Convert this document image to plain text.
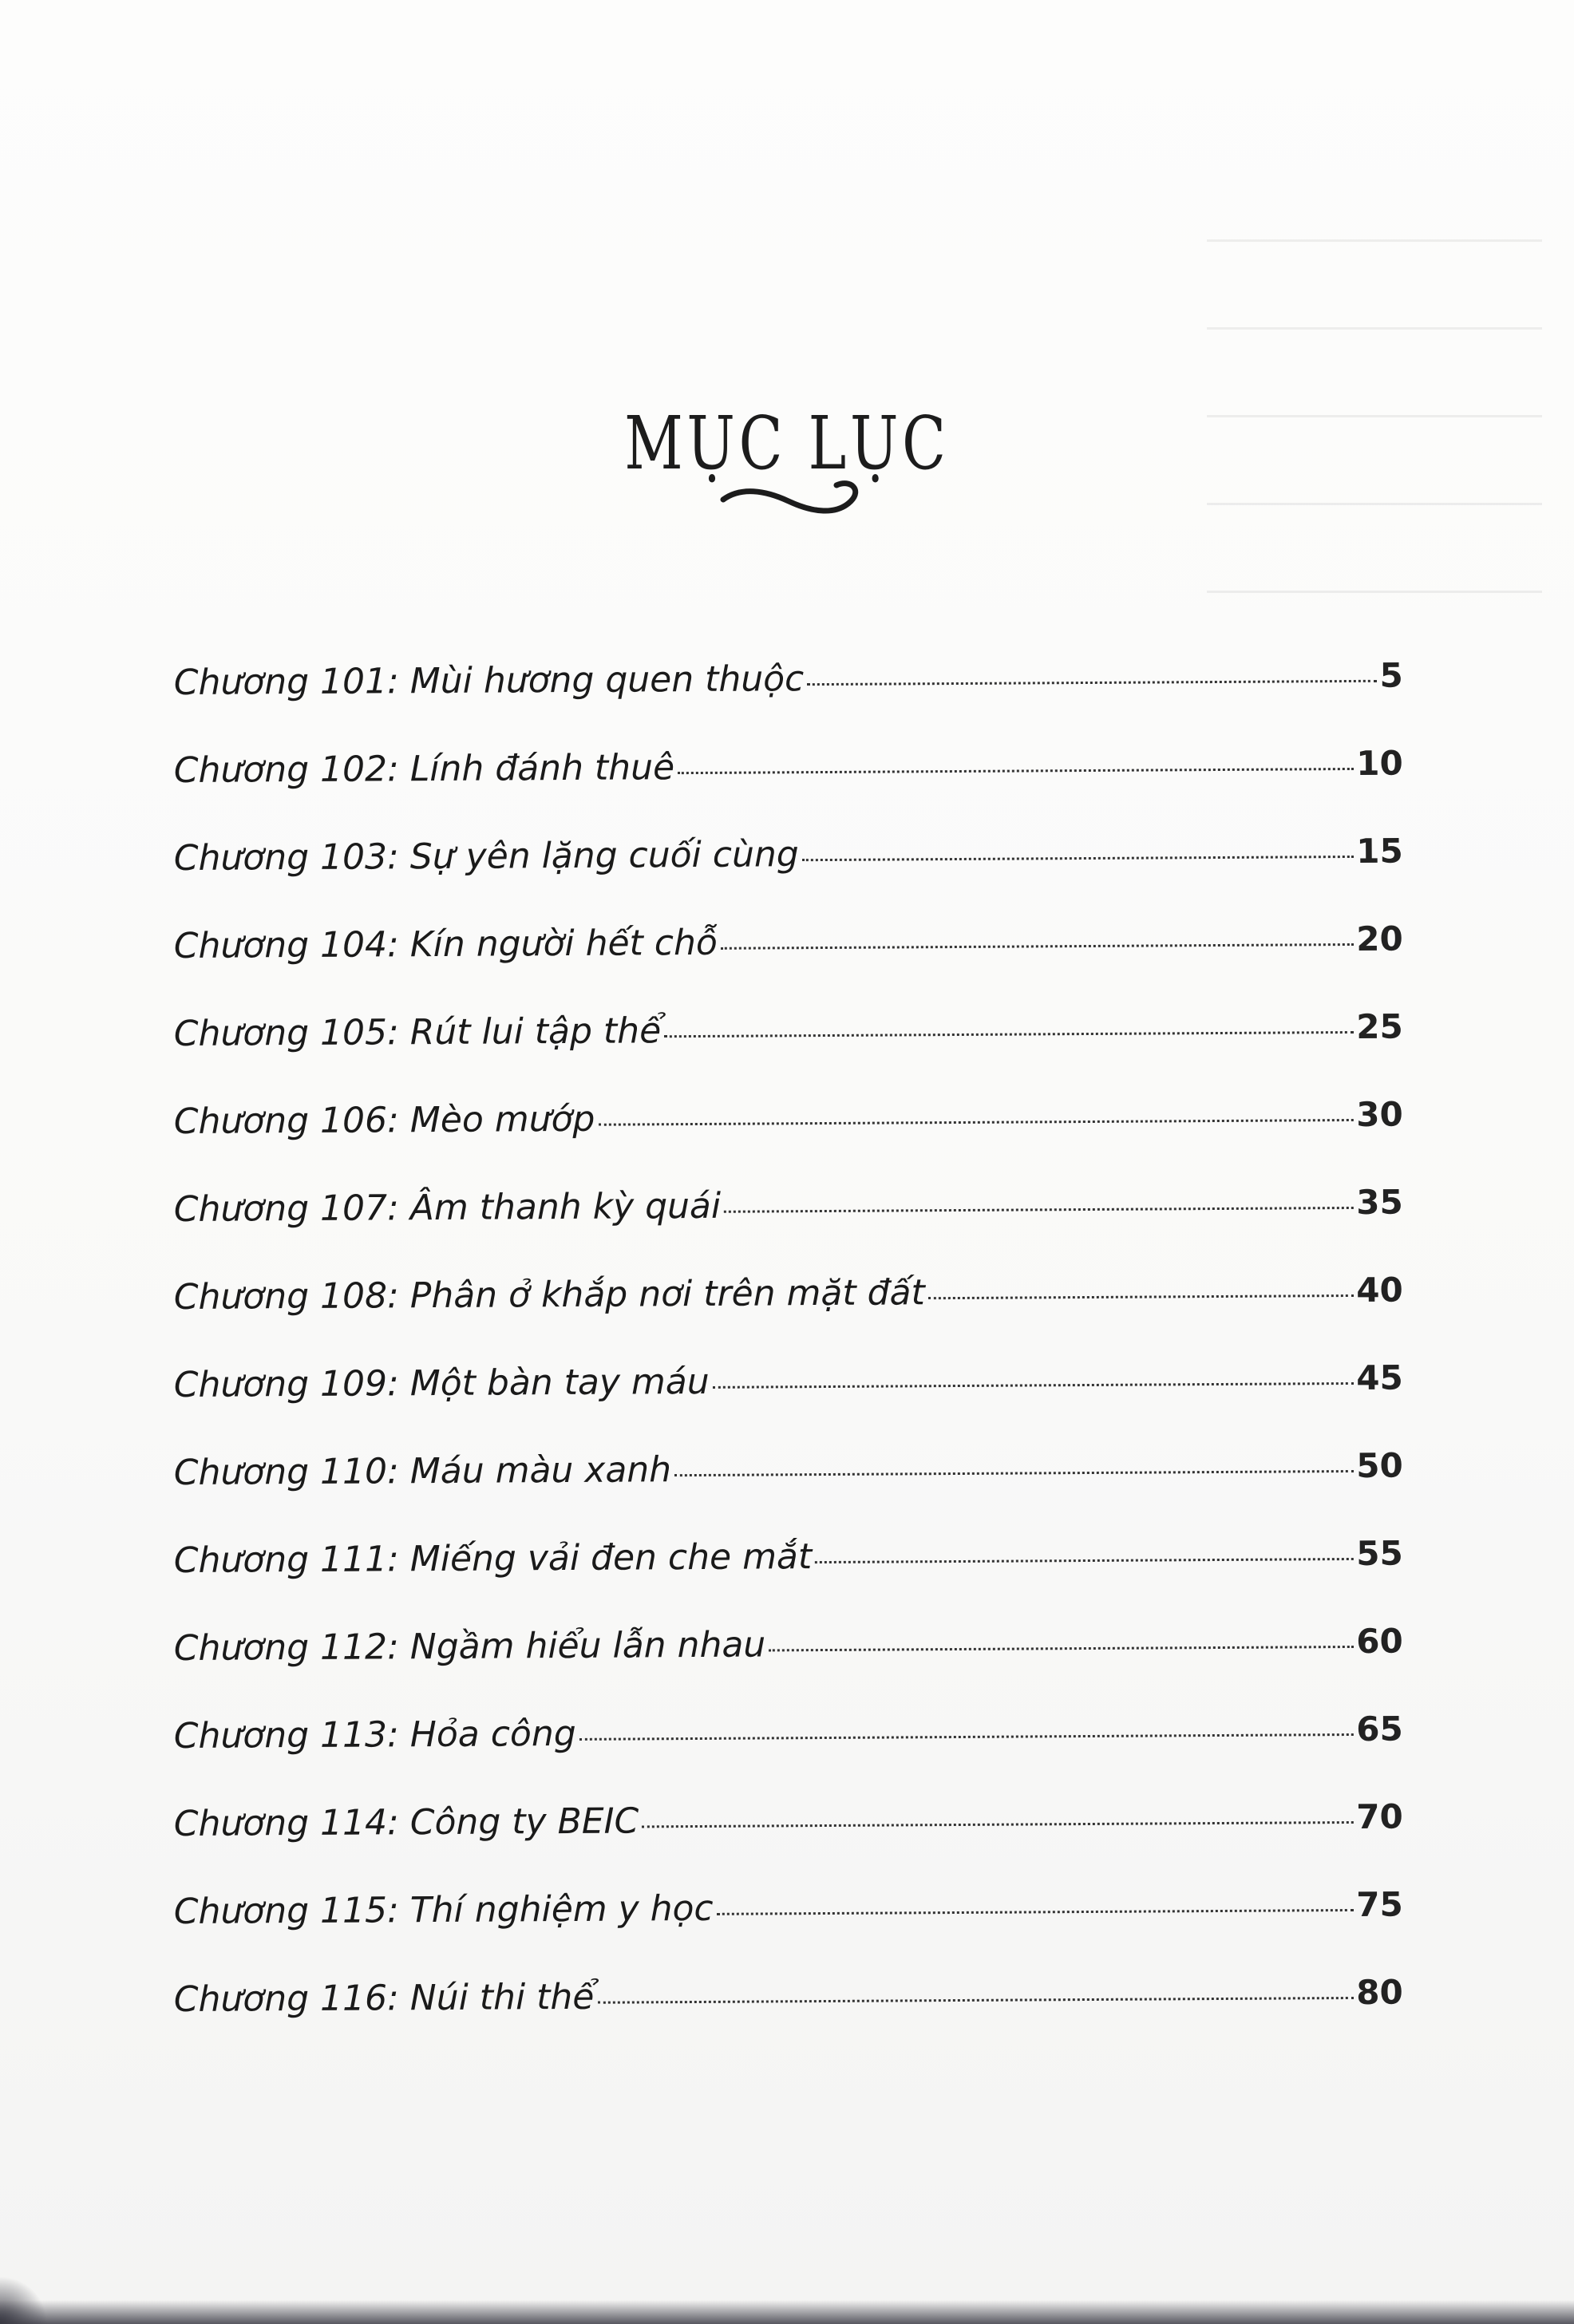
MỤC LỤC
Chương 101: Mùi hương quen thuộc	5
Chương 102: Lính đánh thuê	10
Chương 103: Sự yên lặng cuối cùng	15
Chương 104: Kín người hết chỗ	20
Chương 105: Rút lui tập thể	25
Chương 106: Mèo mướp	30
Chương 107: Âm thanh kỳ quái	35
Chương 108: Phân ở khắp nơi trên mặt đất	40
Chương 109: Một bàn tay máu	45
Chương 110: Máu màu xanh	50
Chương 111: Miếng vải đen che mắt	55
Chương 112: Ngầm hiểu lẫn nhau	60
Chương 113: Hỏa công	65
Chương 114: Công ty BEIC	70
Chương 115: Thí nghiệm y học	75
Chương 116: Núi thi thể	80
